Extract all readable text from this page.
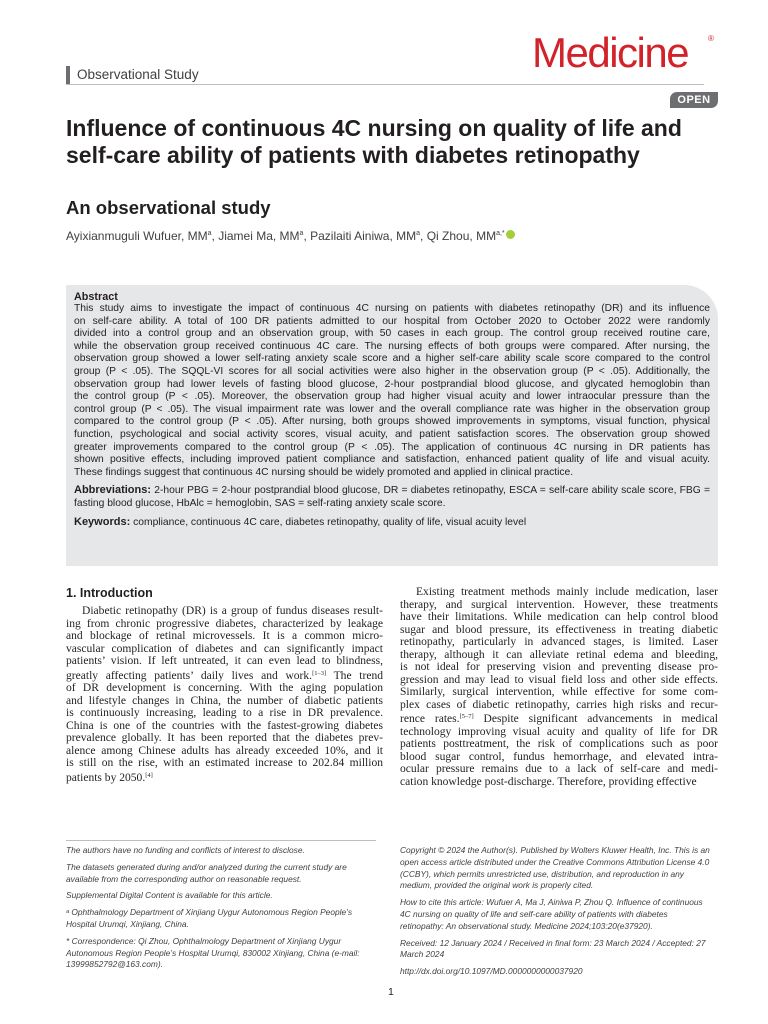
Observational Study	Medicine ®
OPEN
Influence of continuous 4C nursing on quality of life and self-care ability of patients with diabetes retinopathy
An observational study
Ayixianmuguli Wufuer, $MM^a$, Jiamei Ma, $MM^a$, Pazilaiti Ainiwa, $MM^a$, Qi Zhou, $MM^{a,*}$
Abstract
This study aims to investigate the impact of continuous 4C nursing on patients with diabetes retinopathy (DR) and its influence
on self-care ability. A total of 100 DR patients admitted to our hospital from October 2020 to October 2022 were randomly
divided into a control group and an observation group, with 50 cases in each group. The control group received routine care,
while the observation group received continuous 4C care. The nursing effects of both groups were compared. After nursing, the
observation group showed a lower self-rating anxiety scale score and a higher self-care ability scale score compared to the control
group (P < .05). The SQQL-VI scores for all social activities were also higher in the observation group (P < .05). Additionally, the
observation group had lower levels of fasting blood glucose, 2-hour postprandial blood glucose, and glycated hemoglobin than
the control group (P < .05). Moreover, the observation group had higher visual acuity and lower intraocular pressure than the
control group (P < .05). The visual impairment rate was lower and the overall compliance rate was higher in the observation group
compared to the control group (P < .05). After nursing, both groups showed improvements in symptoms, visual function, physical
function, psychological and social activity scores, visual acuity, and patient satisfaction scores. The observation group showed
greater improvements compared to the control group (P < .05). The application of continuous 4C nursing in DR patients has
shown positive effects, including improved patient compliance and satisfaction, enhanced patient quality of life and visual acuity.
These findings suggest that continuous 4C nursing should be widely promoted and applied in clinical practice.
Abbreviations: 2-hour PBG = 2-hour postprandial blood glucose, DR = diabetes retinopathy, ESCA = self-care ability scale score, FBG = fasting blood glucose, HbAlc = hemoglobin, SAS = self-rating anxiety scale score.
Keywords: compliance, continuous 4C care, diabetes retinopathy, quality of life, visual acuity level
1. Introduction
Diabetic retinopathy (DR) is a group of fundus diseases result-
ing from chronic progressive diabetes, characterized by leakage
and blockage of retinal microvessels. It is a common micro-
vascular complication of diabetes and can significantly impact
patients’ vision. If left untreated, it can even lead to blindness,
greatly affecting patients’ daily lives and work.[1–3] The trend
of DR development is concerning. With the aging population
and lifestyle changes in China, the number of diabetic patients
is continuously increasing, leading to a rise in DR prevalence.
China is one of the countries with the fastest-growing diabetes
prevalence globally. It has been reported that the diabetes prev-
alence among Chinese adults has already exceeded 10%, and it
is still on the rise, with an estimated increase to 202.84 million
patients by 2050.[4]
Existing treatment methods mainly include medication, laser
therapy, and surgical intervention. However, these treatments
have their limitations. While medication can help control blood
sugar and blood pressure, its effectiveness in treating diabetic
retinopathy, particularly in advanced stages, is limited. Laser
therapy, although it can alleviate retinal edema and bleeding,
is not ideal for preserving vision and preventing disease pro-
gression and may lead to visual field loss and other side effects.
Similarly, surgical intervention, while effective for some com-
plex cases of diabetic retinopathy, carries high risks and recur-
rence rates.[5–7] Despite significant advancements in medical
technology improving visual acuity and quality of life for DR
patients posttreatment, the risk of complications such as poor
blood sugar control, fundus hemorrhage, and elevated intra-
ocular pressure remains due to a lack of self-care and medi-
cation knowledge post-discharge. Therefore, providing effective

The authors have no funding and conflicts of interest to disclose.

The datasets generated during and/or analyzed during the current study are available from the corresponding author on reasonable request.

Supplemental Digital Content is available for this article.

ᵃ Ophthalmology Department of Xinjiang Uygur Autonomous Region People’s Hospital Urumqi, Xinjiang, China.

* Correspondence: Qi Zhou, Ophthalmology Department of Xinjiang Uygur Autonomous Region People’s Hospital Urumqi, 830002 Xinjiang, China (e-mail: 13999852792@163.com).

Copyright © 2024 the Author(s). Published by Wolters Kluwer Health, Inc. This is an open access article distributed under the Creative Commons Attribution License 4.0 (CCBY), which permits unrestricted use, distribution, and reproduction in any medium, provided the original work is properly cited.

How to cite this article: Wufuer A, Ma J, Ainiwa P, Zhou Q. Influence of continuous 4C nursing on quality of life and self-care ability of patients with diabetes retinopathy: An observational study. Medicine 2024;103:20(e37920).

Received: 12 January 2024 / Received in final form: 23 March 2024 / Accepted: 27 March 2024

http://dx.doi.org/10.1097/MD.0000000000037920

1
